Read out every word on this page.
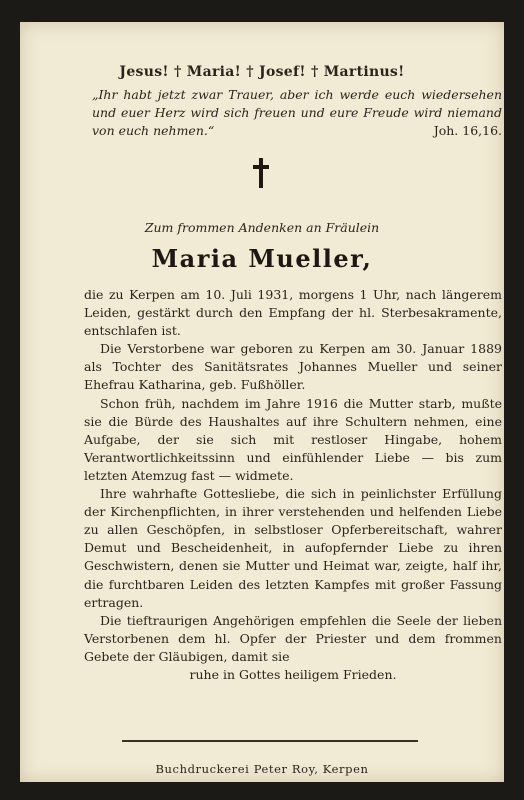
Jesus! † Maria! † Josef! † Martinus!
„Ihr habt jetzt zwar Trauer, aber ich werde euch wiedersehen und euer Herz wird sich freuen und eure Freude wird niemand von euch nehmen.“	Joh. 16,16.
Zum frommen Andenken an Fräulein
Maria Mueller,

die zu Kerpen am 10. Juli 1931, morgens 1 Uhr, nach längerem Leiden, gestärkt durch den Empfang der hl. Sterbesakramente, entschlafen ist.

Die Verstorbene war geboren zu Kerpen am 30. Januar 1889 als Tochter des Sanitätsrates Johannes Mueller und seiner Ehefrau Katharina, geb. Fußhöller.

Schon früh, nachdem im Jahre 1916 die Mutter starb, mußte sie die Bürde des Haushaltes auf ihre Schultern nehmen, eine Aufgabe, der sie sich mit restloser Hingabe, hohem Verantwortlichkeitssinn und einfühlender Liebe — bis zum letzten Atemzug fast — widmete.

Ihre wahrhafte Gottesliebe, die sich in peinlichster Erfüllung der Kirchenpflichten, in ihrer verstehenden und helfenden Liebe zu allen Geschöpfen, in selbstloser Opferbereitschaft, wahrer Demut und Bescheidenheit, in aufopfernder Liebe zu ihren Geschwistern, denen sie Mutter und Heimat war, zeigte, half ihr, die furchtbaren Leiden des letzten Kampfes mit großer Fassung ertragen.

Die tieftraurigen Angehörigen empfehlen die Seele der lieben Verstorbenen dem hl. Opfer der Priester und dem frommen Gebete der Gläubigen, damit sie

ruhe in Gottes heiligem Frieden.

Buchdruckerei Peter Roy, Kerpen
